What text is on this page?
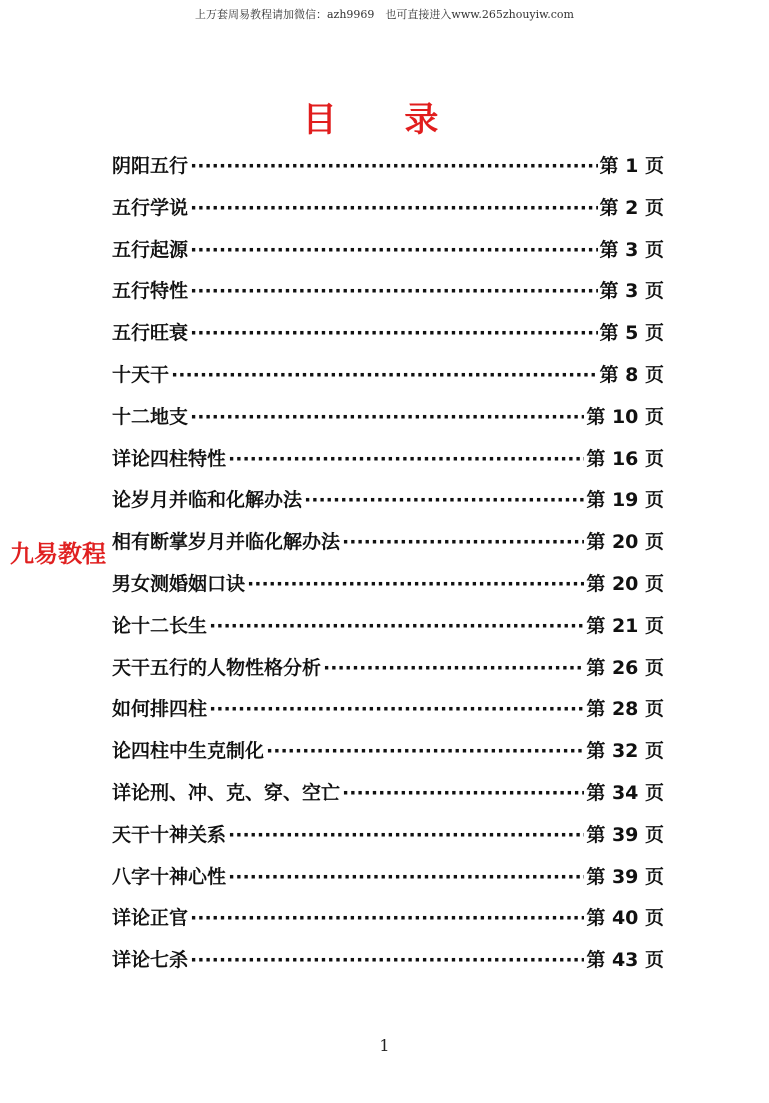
上万套周易教程请加微信：azh9969　也可直接进入www.265zhouyiw.com
目 录
阴阳五行 ·····	第 1 页
五行学说 ·····	第 2 页
五行起源 ·····	第 3 页
五行特性 ·····	第 3 页
五行旺衰 ·····	第 5 页
十天干 ·····	第 8 页
十二地支 ·····	第 10 页
详论四柱特性 ·····	第 16 页
论岁月并临和化解办法 ·····	第 19 页
相有断掌岁月并临化解办法 ·····	第 20 页
男女测婚姻口诀 ·····	第 20 页
论十二长生 ·····	第 21 页
天干五行的人物性格分析 ·····	第 26 页
如何排四柱 ·····	第 28 页
论四柱中生克制化 ·····	第 32 页
详论刑、冲、克、穿、空亡 ·····	第 34 页
天干十神关系 ·····	第 39 页
八字十神心性 ·····	第 39 页
详论正官 ·····	第 40 页
详论七杀 ·····	第 43 页
九易教程
1
